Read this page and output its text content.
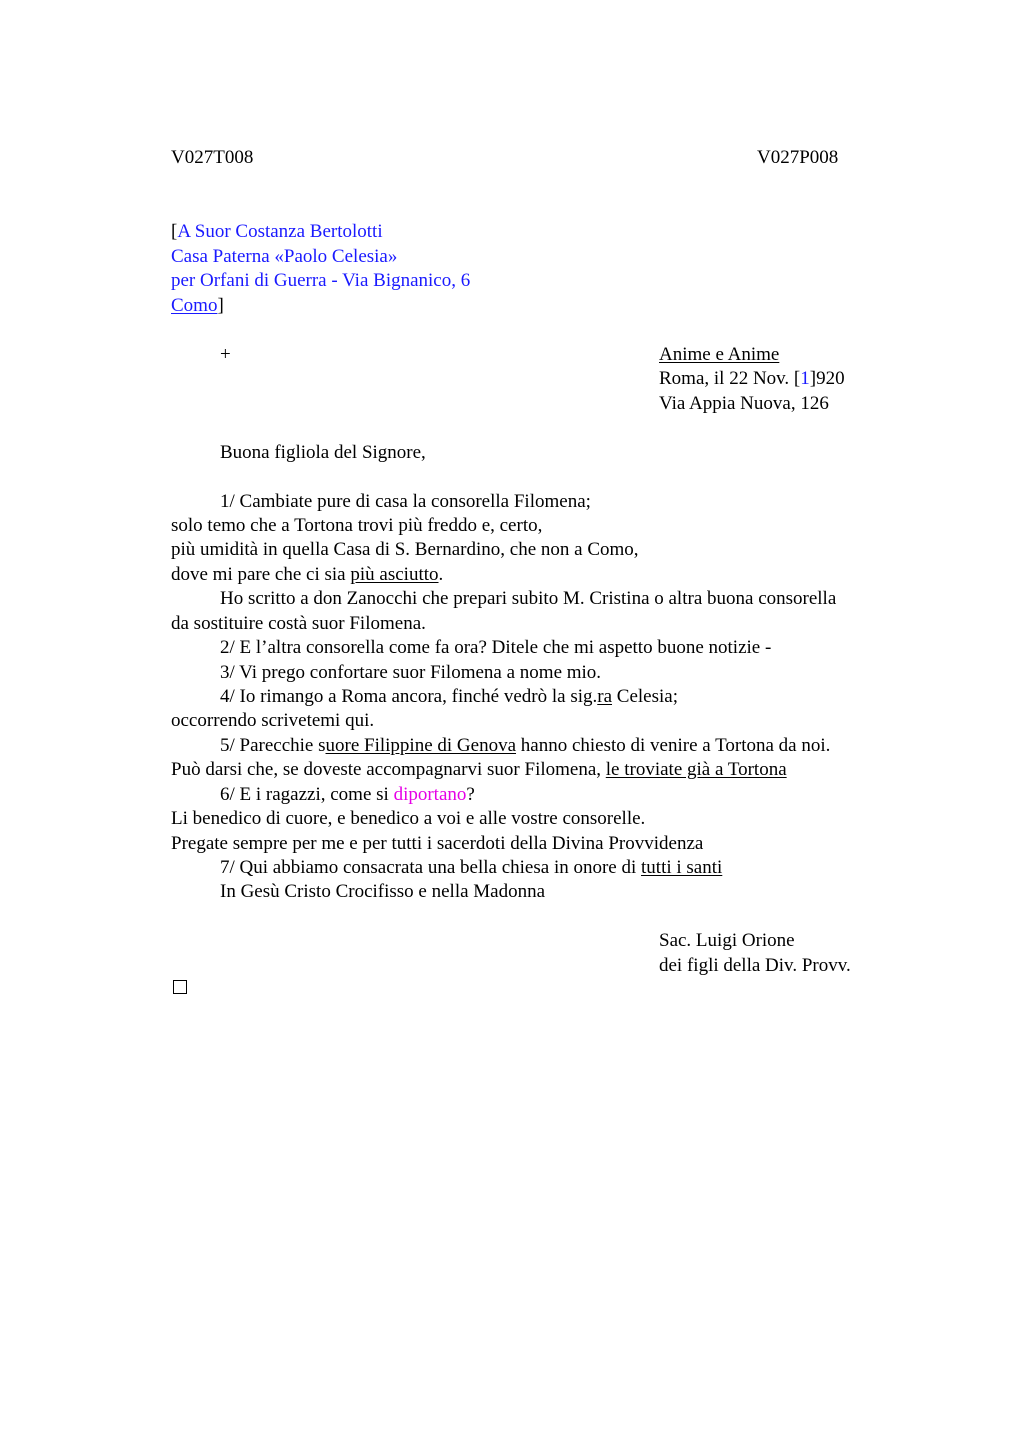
V027T008	V027P008
[A Suor Costanza Bertolotti
Casa Paterna «Paolo Celesia»
per Orfani di Guerra - Via Bignanico, 6
Como]
+	Anime e Anime
Roma, il 22 Nov. [1]920
Via Appia Nuova, 126
Buona figliola del Signore,
1/ Cambiate pure di casa la consorella Filomena;
solo temo che a Tortona trovi più freddo e, certo,
più umidità in quella Casa di S. Bernardino, che non a Como,
dove mi pare che ci sia più asciutto.
Ho scritto a don Zanocchi che prepari subito M. Cristina o altra buona consorella
da sostituire costà suor Filomena.
2/ E l’altra consorella come fa ora? Ditele che mi aspetto buone notizie -
3/ Vi prego confortare suor Filomena a nome mio.
4/ Io rimango a Roma ancora, finché vedrò la sig.ra Celesia;
occorrendo scrivetemi qui.
5/ Parecchie suore Filippine di Genova hanno chiesto di venire a Tortona da noi.
Può darsi che, se doveste accompagnarvi suor Filomena, le troviate già a Tortona
6/ E i ragazzi, come si diportano?
Li benedico di cuore, e benedico a voi e alle vostre consorelle.
Pregate sempre per me e per tutti i sacerdoti della Divina Provvidenza
7/ Qui abbiamo consacrata una bella chiesa in onore di tutti i santi
In Gesù Cristo Crocifisso e nella Madonna
Sac. Luigi Orione
dei figli della Div. Provv.
